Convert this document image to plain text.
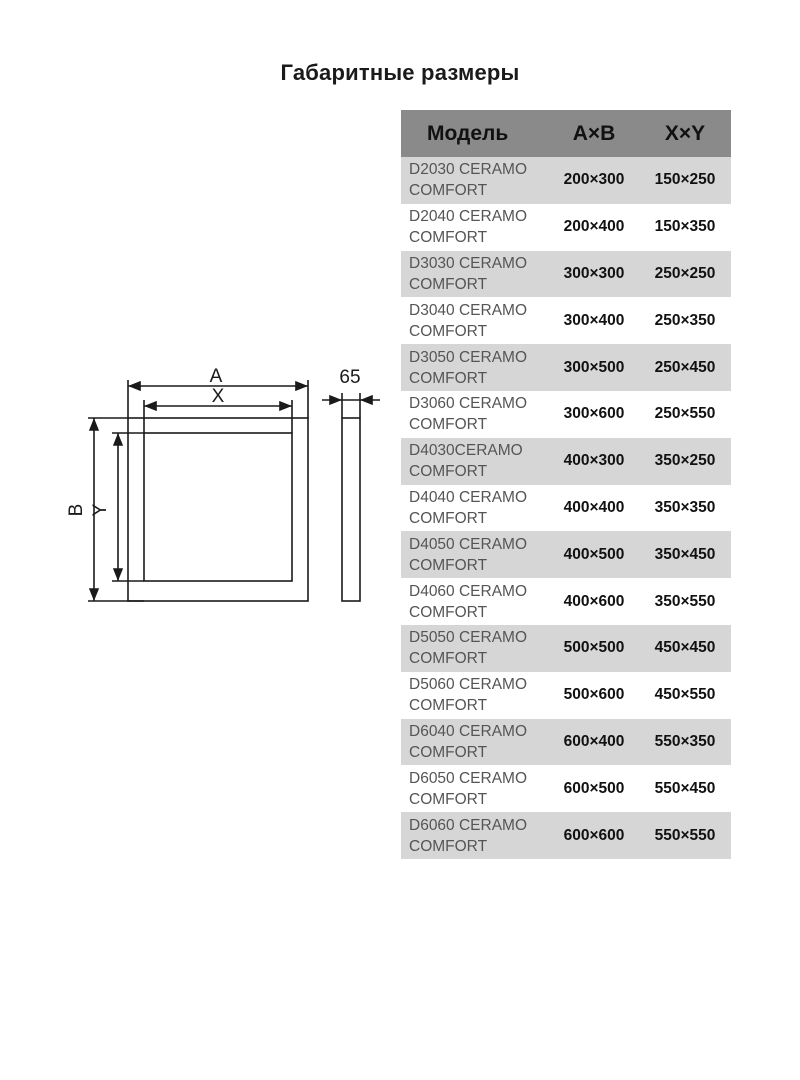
Габаритные размеры
A
X
B Y
65
Модель	A×B	X×Y
D2030 CERAMO
COMFORT	200×300	150×250
D2040 CERAMO
COMFORT	200×400	150×350
D3030 CERAMO
COMFORT	300×300	250×250
D3040 CERAMO
COMFORT	300×400	250×350
D3050 CERAMO
COMFORT	300×500	250×450
D3060 CERAMO
COMFORT	300×600	250×550
D4030CERAMO
COMFORT	400×300	350×250
D4040 CERAMO
COMFORT	400×400	350×350
D4050 CERAMO
COMFORT	400×500	350×450
D4060 CERAMO
COMFORT	400×600	350×550
D5050 CERAMO
COMFORT	500×500	450×450
D5060 CERAMO
COMFORT	500×600	450×550
D6040 CERAMO
COMFORT	600×400	550×350
D6050 CERAMO
COMFORT	600×500	550×450
D6060 CERAMO
COMFORT	600×600	550×550
